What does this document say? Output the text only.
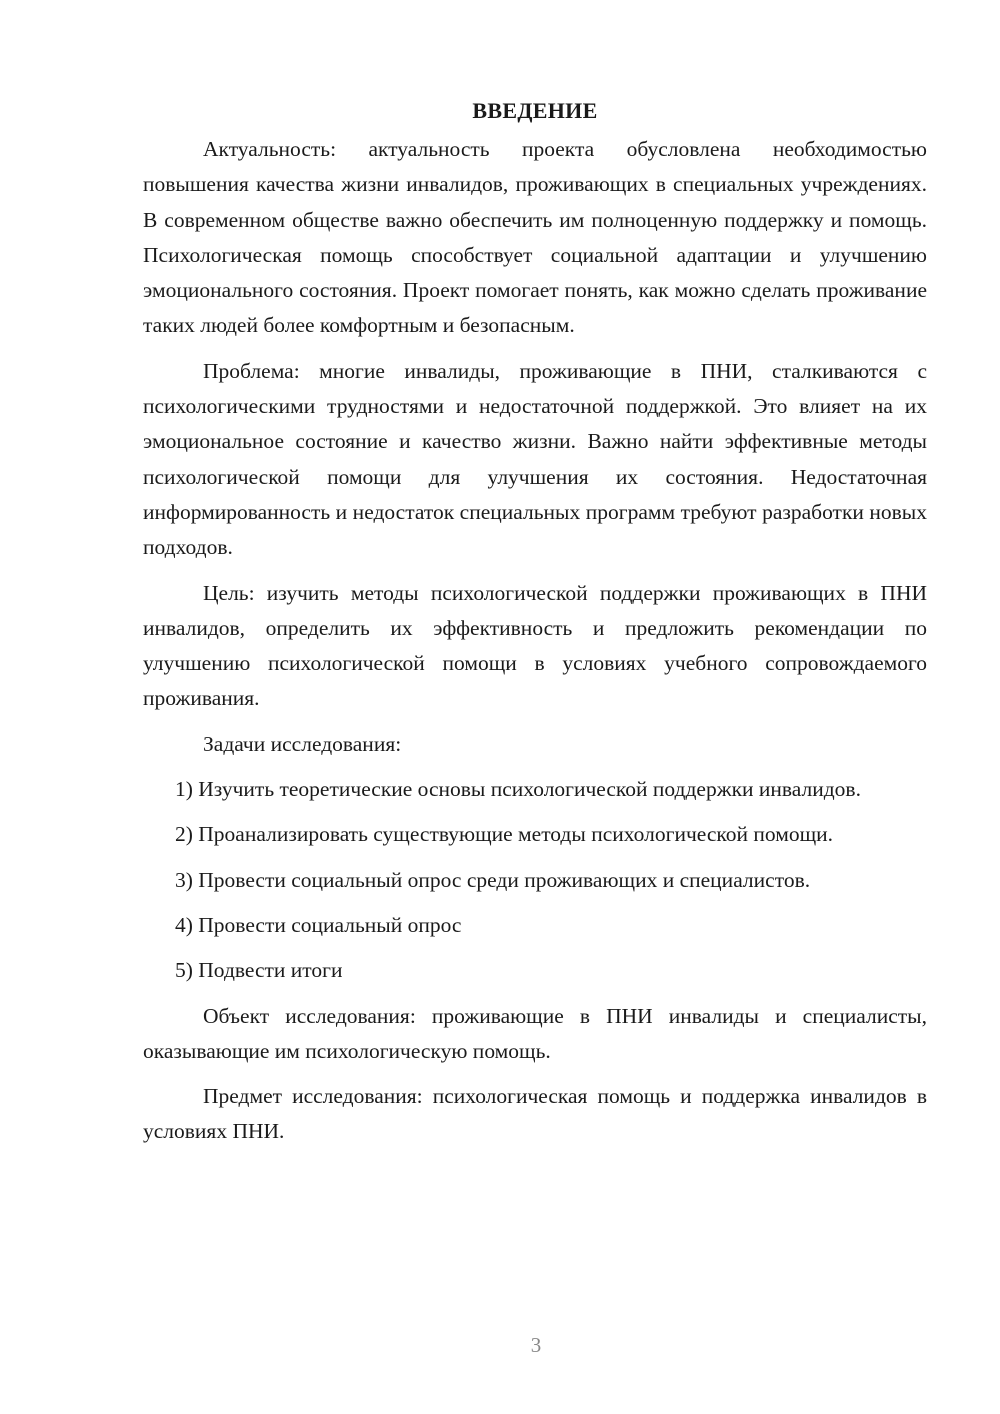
ВВЕДЕНИЕ

Актуальность: актуальность проекта обусловлена необходимостью повышения качества жизни инвалидов, проживающих в специальных учреждениях. В современном обществе важно обеспечить им полноценную поддержку и помощь. Психологическая помощь способствует социальной адаптации и улучшению эмоционального состояния. Проект помогает понять, как можно сделать проживание таких людей более комфортным и безопасным.

Проблема: многие инвалиды, проживающие в ПНИ, сталкиваются с психологическими трудностями и недостаточной поддержкой. Это влияет на их эмоциональное состояние и качество жизни. Важно найти эффективные методы психологической помощи для улучшения их состояния. Недостаточная информированность и недостаток специальных программ требуют разработки новых подходов.

Цель: изучить методы психологической поддержки проживающих в ПНИ инвалидов, определить их эффективность и предложить рекомендации по улучшению психологической помощи в условиях учебного сопровождаемого проживания.

Задачи исследования:

1) Изучить теоретические основы психологической поддержки инвалидов.

2) Проанализировать существующие методы психологической помощи.

3) Провести социальный опрос среди проживающих и специалистов.

4) Провести социальный опрос

5) Подвести итоги

Объект исследования: проживающие в ПНИ инвалиды и специалисты, оказывающие им психологическую помощь.

Предмет исследования: психологическая помощь и поддержка инвалидов в условиях ПНИ.

3
